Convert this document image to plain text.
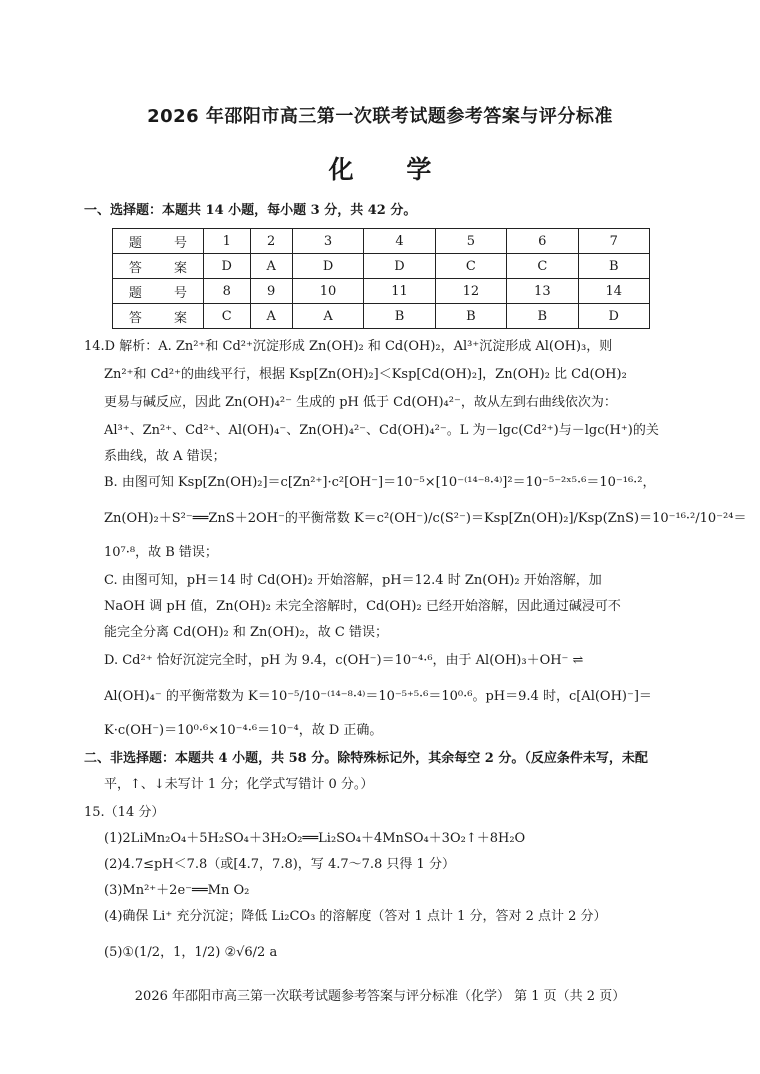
2026 年邵阳市高三第一次联考试题参考答案与评分标准
化 学
一、选择题：本题共 14 小题，每小题 3 分，共 42 分。
题 号	1	2	3	4	5	6	7
答 案	D	A	D	D	C	C	B
题 号	8	9	10	11	12	13	14
答 案	C	A	A	B	B	B	D
14.D 解析：A. Zn²⁺和 Cd²⁺沉淀形成 Zn(OH)₂ 和 Cd(OH)₂，Al³⁺沉淀形成 Al(OH)₃，则
Zn²⁺和 Cd²⁺的曲线平行，根据 Ksp[Zn(OH)₂]＜Ksp[Cd(OH)₂]，Zn(OH)₂ 比 Cd(OH)₂
更易与碱反应，因此 Zn(OH)₄²⁻ 生成的 pH 低于 Cd(OH)₄²⁻，故从左到右曲线依次为：
Al³⁺、Zn²⁺、Cd²⁺、Al(OH)₄⁻、Zn(OH)₄²⁻、Cd(OH)₄²⁻。L 为－lgc(Cd²⁺)与－lgc(H⁺)的关
系曲线，故 A 错误；
B. 由图可知 Ksp[Zn(OH)₂]＝c[Zn²⁺]·c²[OH⁻]＝10⁻⁵×[10⁻⁽¹⁴⁻⁸·⁴⁾]²＝10⁻⁵⁻²ˣ⁵·⁶＝10⁻¹⁶·²，
Zn(OH)₂＋S²⁻══ZnS＋2OH⁻的平衡常数 K＝c²(OH⁻)/c(S²⁻)＝Ksp[Zn(OH)₂]/Ksp(ZnS)＝10⁻¹⁶·²/10⁻²⁴＝
10⁷·⁸，故 B 错误；
C. 由图可知，pH＝14 时 Cd(OH)₂ 开始溶解，pH＝12.4 时 Zn(OH)₂ 开始溶解，加
NaOH 调 pH 值，Zn(OH)₂ 未完全溶解时，Cd(OH)₂ 已经开始溶解，因此通过碱浸可不
能完全分离 Cd(OH)₂ 和 Zn(OH)₂，故 C 错误；
D. Cd²⁺ 恰好沉淀完全时，pH 为 9.4，c(OH⁻)＝10⁻⁴·⁶，由于 Al(OH)₃＋OH⁻ ⇌
Al(OH)₄⁻ 的平衡常数为 K＝10⁻⁵/10⁻⁽¹⁴⁻⁸·⁴⁾＝10⁻⁵⁺⁵·⁶＝10⁰·⁶。pH＝9.4 时，c[Al(OH)⁻]＝
K·c(OH⁻)＝10⁰·⁶×10⁻⁴·⁶＝10⁻⁴，故 D 正确。
二、非选择题：本题共 4 小题，共 58 分。除特殊标记外，其余每空 2 分。（反应条件未写，未配
平，↑、↓未写计 1 分；化学式写错计 0 分。）
15.（14 分）
(1)2LiMn₂O₄＋5H₂SO₄＋3H₂O₂══Li₂SO₄＋4MnSO₄＋3O₂↑＋8H₂O
(2)4.7≤pH＜7.8（或[4.7，7.8)，写 4.7～7.8 只得 1 分）
(3)Mn²⁺＋2e⁻══Mn O₂
(4)确保 Li⁺ 充分沉淀；降低 Li₂CO₃ 的溶解度（答对 1 点计 1 分，答对 2 点计 2 分）
(5)①(1/2，1，1/2) ②√6/2 a
2026 年邵阳市高三第一次联考试题参考答案与评分标准（化学） 第 1 页（共 2 页）
